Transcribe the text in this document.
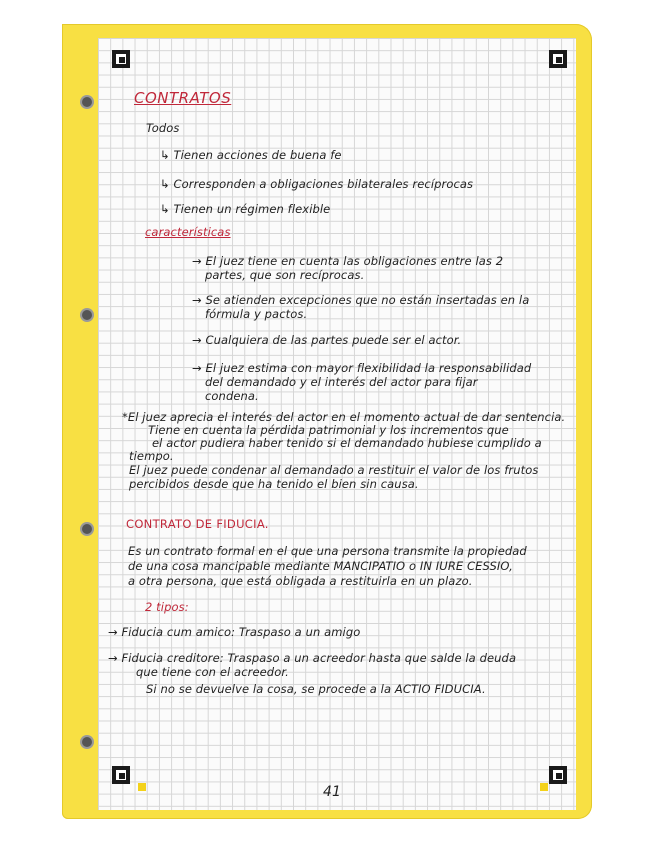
CONTRATOS
Todos
↳ Tienen acciones de buena fe
↳ Corresponden a obligaciones bilaterales recíprocas
↳ Tienen un régimen flexible
características
→ El juez tiene en cuenta las obligaciones entre las 2
partes, que son recíprocas.
→ Se atienden excepciones que no están insertadas en la
fórmula y pactos.
→ Cualquiera de las partes puede ser el actor.
→ El juez estima con mayor flexibilidad la responsabilidad
del demandado y el interés del actor para fijar
condena.
*El juez aprecia el interés del actor en el momento actual de dar sentencia.
Tiene en cuenta la pérdida patrimonial y los incrementos que
el actor pudiera haber tenido si el demandado hubiese cumplido a
tiempo.
El juez puede condenar al demandado a restituir el valor de los frutos
percibidos desde que ha tenido el bien sin causa.
CONTRATO DE FIDUCIA.
Es un contrato formal en el que una persona transmite la propiedad
de una cosa mancipable mediante MANCIPATIO o IN IURE CESSIO,
a otra persona, que está obligada a restituirla en un plazo.
2 tipos:
→ Fiducia cum amico: Traspaso a un amigo
→ Fiducia creditore: Traspaso a un acreedor hasta que salde la deuda
que tiene con el acreedor.
Si no se devuelve la cosa, se procede a la ACTIO FIDUCIA.
41
